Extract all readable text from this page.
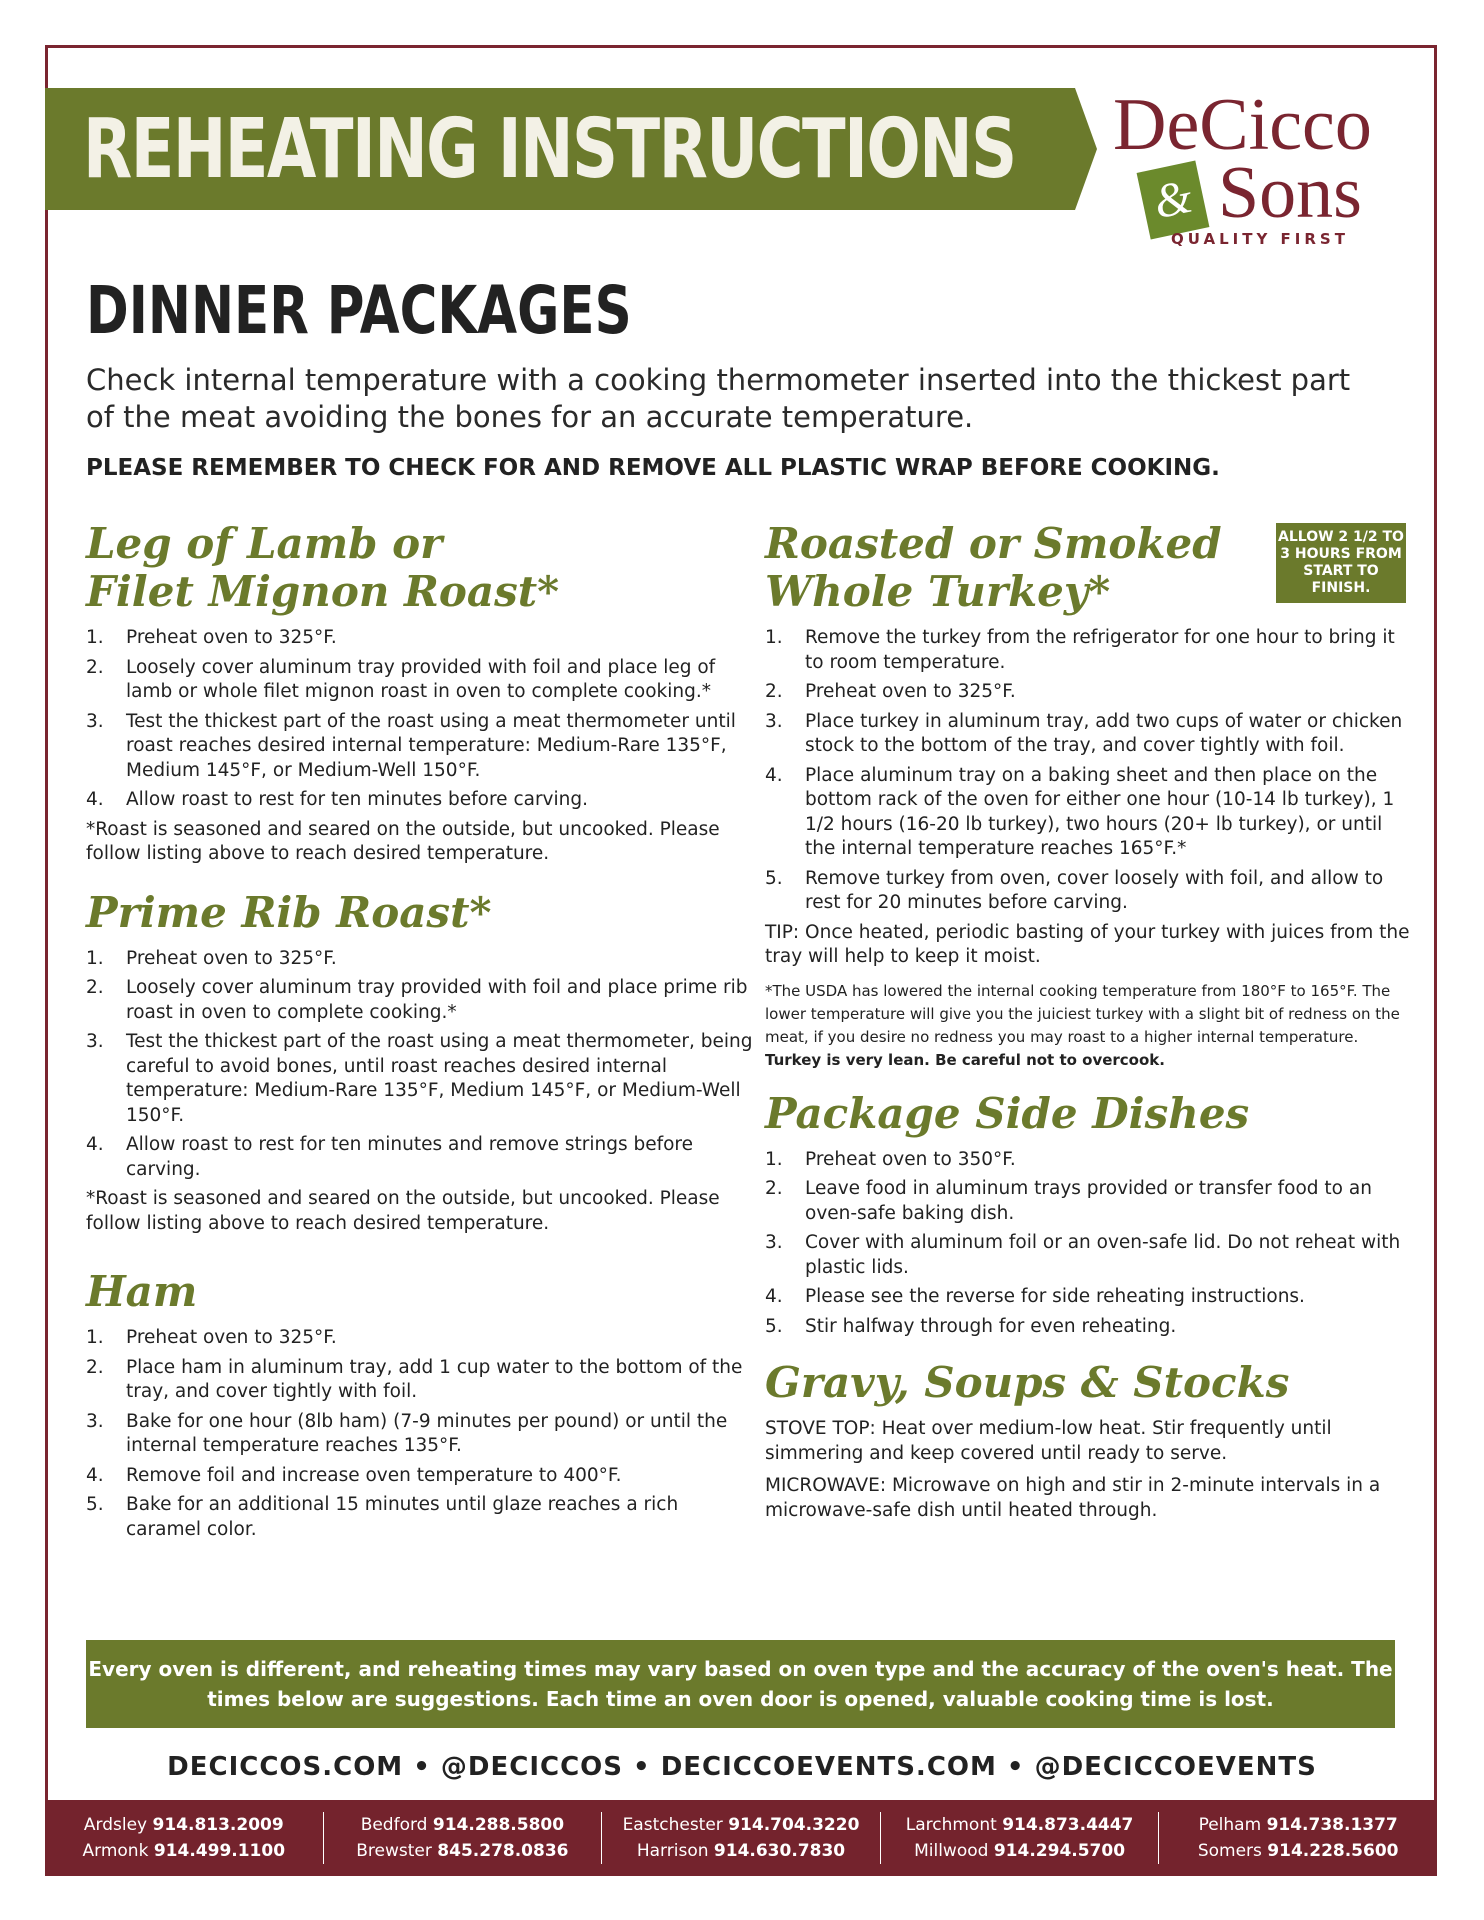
REHEATING INSTRUCTIONS DeCicco
& Sons
QUALITY FIRST
DINNER PACKAGES
Check internal temperature with a cooking thermometer inserted into the thickest part of the meat avoiding the bones for an accurate temperature.
PLEASE REMEMBER TO CHECK FOR AND REMOVE ALL PLASTIC WRAP BEFORE COOKING.
Leg of Lamb or
Filet Mignon Roast*
1.	Preheat oven to 325°F.
2.	Loosely cover aluminum tray provided with foil and place leg of lamb or whole filet mignon roast in oven to complete cooking.*
3.	Test the thickest part of the roast using a meat thermometer until roast reaches desired internal temperature: Medium-Rare 135°F, Medium 145°F, or Medium-Well 150°F.
4.	Allow roast to rest for ten minutes before carving.

*Roast is seasoned and seared on the outside, but uncooked. Please follow listing above to reach desired temperature.

Prime Rib Roast*
1.	Preheat oven to 325°F.
2.	Loosely cover aluminum tray provided with foil and place prime rib roast in oven to complete cooking.*
3.	Test the thickest part of the roast using a meat thermometer, being careful to avoid bones, until roast reaches desired internal temperature: Medium-Rare 135°F, Medium 145°F, or Medium-Well 150°F.
4.	Allow roast to rest for ten minutes and remove strings before carving.

*Roast is seasoned and seared on the outside, but uncooked. Please follow listing above to reach desired temperature.

Ham
1.	Preheat oven to 325°F.
2.	Place ham in aluminum tray, add 1 cup water to the bottom of the tray, and cover tightly with foil.
3.	Bake for one hour (8lb ham) (7-9 minutes per pound) or until the internal temperature reaches 135°F.
4.	Remove foil and increase oven temperature to 400°F.
5.	Bake for an additional 15 minutes until glaze reaches a rich caramel color.
ALLOW 2 1/2 TO 3 HOURS FROM START TO FINISH.
Roasted or Smoked
Whole Turkey*
1.	Remove the turkey from the refrigerator for one hour to bring it to room temperature.
2.	Preheat oven to 325°F.
3.	Place turkey in aluminum tray, add two cups of water or chicken stock to the bottom of the tray, and cover tightly with foil.
4.	Place aluminum tray on a baking sheet and then place on the bottom rack of the oven for either one hour (10-14 lb turkey), 1 1/2 hours (16-20 lb turkey), two hours (20+ lb turkey), or until the internal temperature reaches 165°F.*
5.	Remove turkey from oven, cover loosely with foil, and allow to rest for 20 minutes before carving.

TIP: Once heated, periodic basting of your turkey with juices from the tray will help to keep it moist.

*The USDA has lowered the internal cooking temperature from 180°F to 165°F. The lower temperature will give you the juiciest turkey with a slight bit of redness on the meat, if you desire no redness you may roast to a higher internal temperature. Turkey is very lean. Be careful not to overcook.

Package Side Dishes
1.	Preheat oven to 350°F.
2.	Leave food in aluminum trays provided or transfer food to an oven-safe baking dish.
3.	Cover with aluminum foil or an oven-safe lid. Do not reheat with plastic lids.
4.	Please see the reverse for side reheating instructions.
5.	Stir halfway through for even reheating.
Gravy, Soups & Stocks

STOVE TOP: Heat over medium-low heat. Stir frequently until simmering and keep covered until ready to serve.

MICROWAVE: Microwave on high and stir in 2-minute intervals in a microwave-safe dish until heated through.

Every oven is different, and reheating times may vary based on oven type and the accuracy of the oven's heat. The times below are suggestions. Each time an oven door is opened, valuable cooking time is lost.
DECICCOS.COM • @DECICCOS • DECICCOEVENTS.COM • @DECICCOEVENTS
Ardsley 914.813.2009
Armonk 914.499.1100
Bedford 914.288.5800
Brewster 845.278.0836
Eastchester 914.704.3220
Harrison 914.630.7830
Larchmont 914.873.4447
Millwood 914.294.5700
Pelham 914.738.1377
Somers 914.228.5600
